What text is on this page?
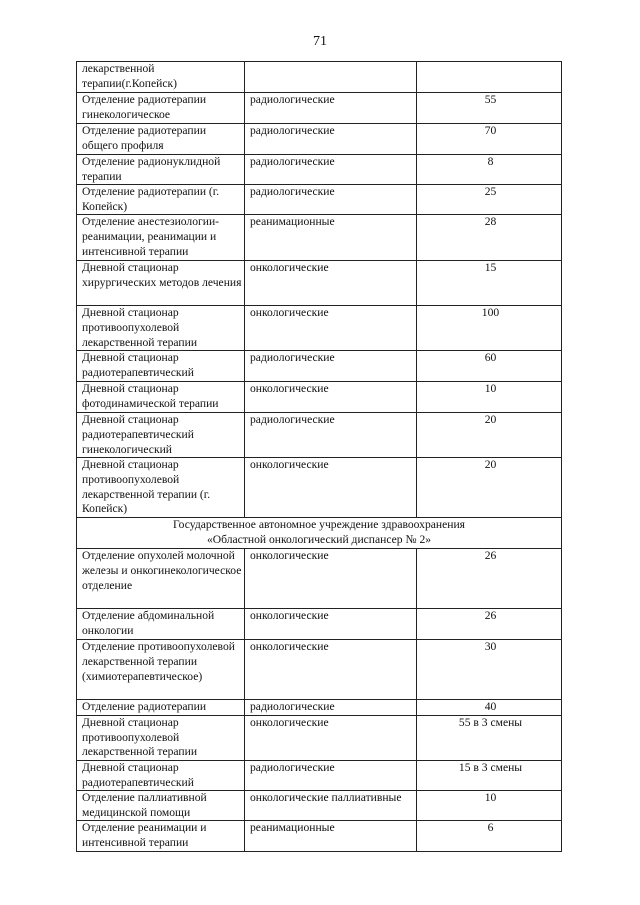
71
лекарственной терапии(г.Копейск)		
Отделение радиотерапии гинекологическое	радиологические	55
Отделение радиотерапии общего профиля	радиологические	70
Отделение радионуклидной терапии	радиологические	8
Отделение радиотерапии (г. Копейск)	радиологические	25
Отделение анестезиологии-реанимации, реанимации и интенсивной терапии	реанимационные	28
Дневной стационар хирургических методов лечения	онкологические	15
Дневной стационар противоопухолевой лекарственной терапии	онкологические	100
Дневной стационар радиотерапевтический	радиологические	60
Дневной стационар фотодинамической терапии	онкологические	10
Дневной стационар радиотерапевтический гинекологический	радиологические	20
Дневной стационар противоопухолевой лекарственной терапии (г. Копейск)	онкологические	20

Государственное автономное учреждение здравоохранения
«Областной онкологический диспансер № 2»		

Отделение опухолей молочной железы и онкогинекологическое отделение	онкологические	26
Отделение абдоминальной онкологии	онкологические	26
Отделение противоопухолевой лекарственной терапии (химиотерапевтическое)	онкологические	30
Отделение радиотерапии	радиологические	40
Дневной стационар противоопухолевой лекарственной терапии	онкологические	55 в 3 смены
Дневной стационар радиотерапевтический	радиологические	15 в 3 смены
Отделение паллиативной медицинской помощи	онкологические паллиативные	10
Отделение реанимации и интенсивной терапии	реанимационные	6
